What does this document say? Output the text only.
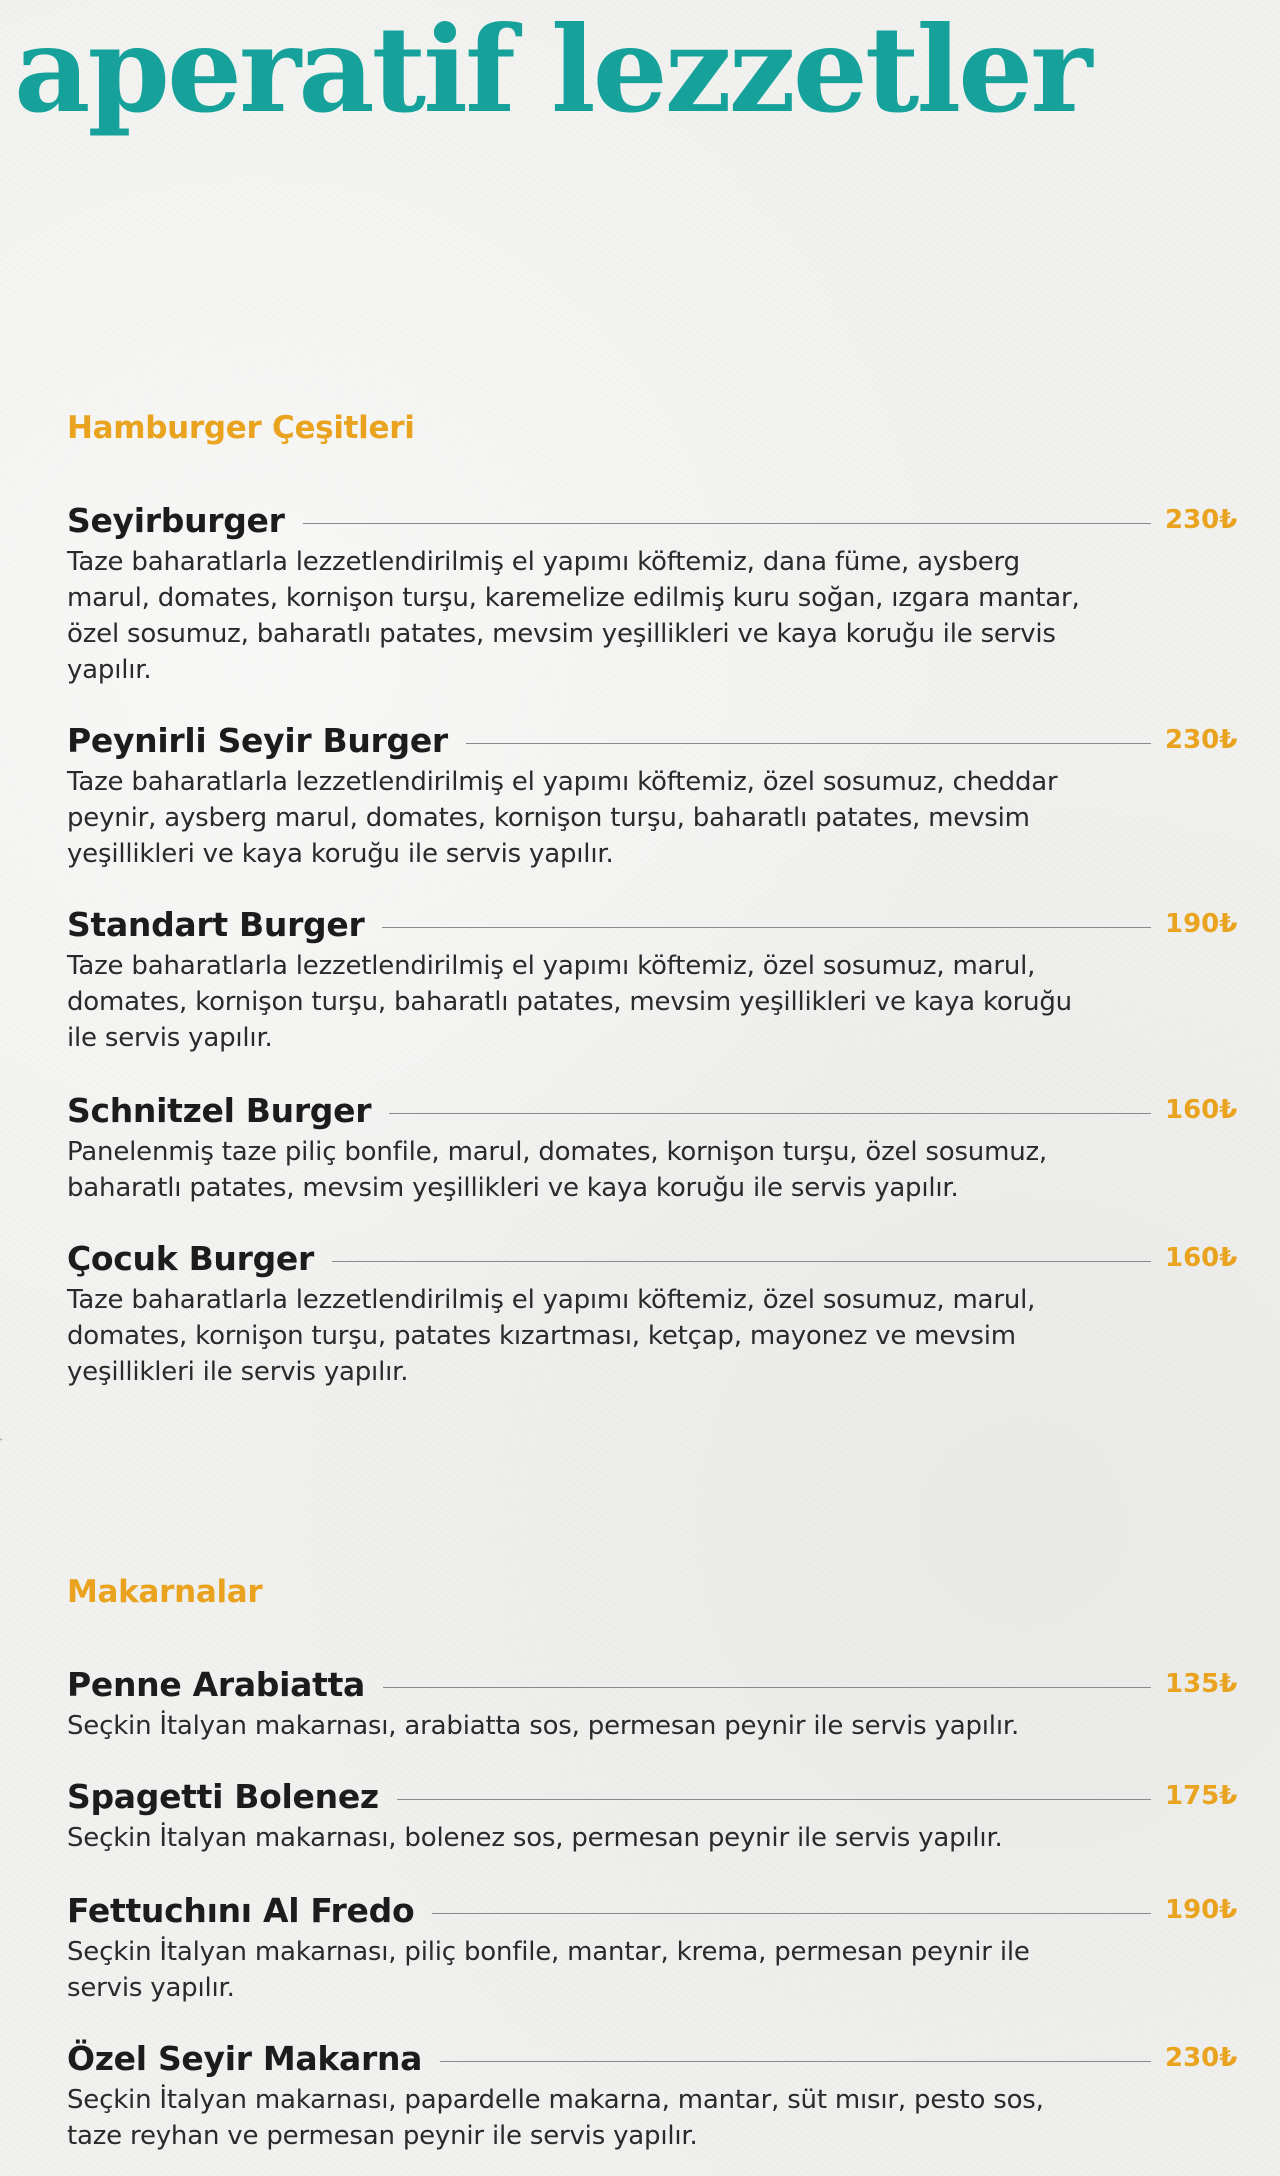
aperatif lezzetler
Hamburger Çeşitleri
Seyirburger	230₺

Taze baharatlarla lezzetlendirilmiş el yapımı köftemiz, dana füme, aysberg marul, domates, kornişon turşu, karemelize edilmiş kuru soğan, ızgara mantar, özel sosumuz, baharatlı patates, mevsim yeşillikleri ve kaya koruğu ile servis yapılır.

Peynirli Seyir Burger	230₺

Taze baharatlarla lezzetlendirilmiş el yapımı köftemiz, özel sosumuz, cheddar peynir, aysberg marul, domates, kornişon turşu, baharatlı patates, mevsim yeşillikleri ve kaya koruğu ile servis yapılır.

Standart Burger	190₺

Taze baharatlarla lezzetlendirilmiş el yapımı köftemiz, özel sosumuz, marul, domates, kornişon turşu, baharatlı patates, mevsim yeşillikleri ve kaya koruğu ile servis yapılır.

Schnitzel Burger	160₺

Panelenmiş taze piliç bonfile, marul, domates, kornişon turşu, özel sosumuz, baharatlı patates, mevsim yeşillikleri ve kaya koruğu ile servis yapılır.

Çocuk Burger	160₺

Taze baharatlarla lezzetlendirilmiş el yapımı köftemiz, özel sosumuz, marul, domates, kornişon turşu, patates kızartması, ketçap, mayonez ve mevsim yeşillikleri ile servis yapılır.

Makarnalar
Penne Arabiatta	135₺

Seçkin İtalyan makarnası, arabiatta sos, permesan peynir ile servis yapılır.

Spagetti Bolenez	175₺

Seçkin İtalyan makarnası, bolenez sos, permesan peynir ile servis yapılır.

Fettuchını Al Fredo	190₺

Seçkin İtalyan makarnası, piliç bonfile, mantar, krema, permesan peynir ile servis yapılır.

Özel Seyir Makarna	230₺

Seçkin İtalyan makarnası, papardelle makarna, mantar, süt mısır, pesto sos, taze reyhan ve permesan peynir ile servis yapılır.
